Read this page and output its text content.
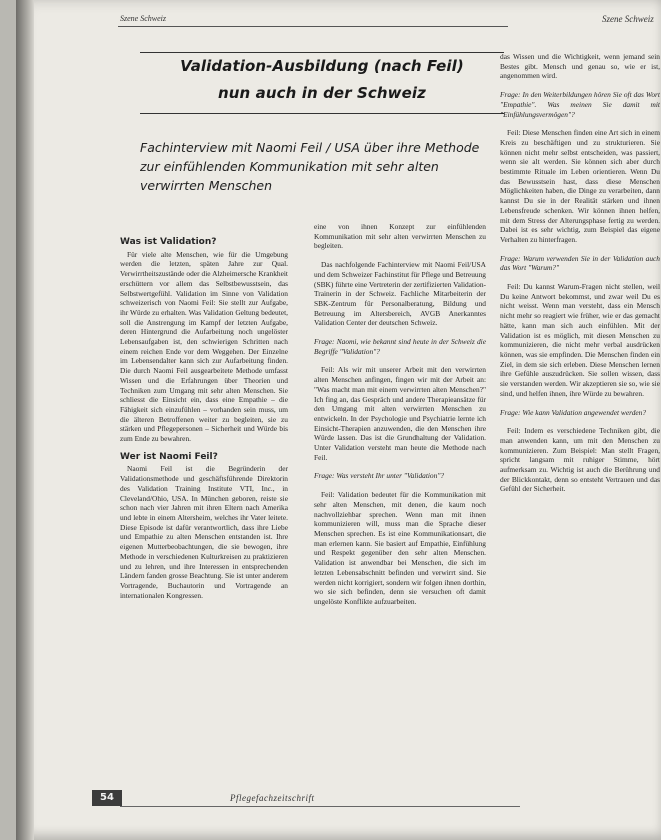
Szene Schweiz	Szene Schweiz
Validation-Ausbildung (nach Feil)
nun auch in der Schweiz
Fachinterview mit Naomi Feil / USA über ihre Methode zur einfühlenden Kommunikation mit sehr alten verwirrten Menschen
Was ist Validation?

Für viele alte Menschen, wie für die Umgebung werden die letzten, späten Jahre zur Qual. Verwirrtheitszustände oder die Alzheimersche Krankheit erschüttern vor allem das Selbstbewusstsein, das Selbstwertgefühl. Validation im Sinne von Validation schweizerisch von Naomi Feil: Sie stellt zur Aufgabe, ihr Würde zu erhalten. Was Validation Geltung bedeutet, soll die Anstrengung im Kampf der letzten Aufgabe, deren Hintergrund die Aufarbeitung noch ungelöster Lebensaufgaben ist, den schwierigen Schritten nach einem reichen Ende vor dem Weggehen. Der Einzelne im Lebensendalter kann sich zur Aufarbeitung finden. Die durch Naomi Feil ausgearbeitete Methode umfasst Wissen und die Erfahrungen über Theorien und Techniken zum Umgang mit sehr alten Menschen. Sie schliesst die Einsicht ein, dass eine Empathie – die Fähigkeit sich einzufühlen – vorhanden sein muss, um die älteren Betroffenen weiter zu begleiten, sie zu stärken und Pflegepersonen – Sicherheit und Würde bis zum Ende zu bewahren.

Wer ist Naomi Feil?

Naomi Feil ist die Begründerin der Validationsmethode und geschäftsführende Direktorin des Validation Training Institute VTI, Inc., in Cleveland/Ohio, USA. In München geboren, reiste sie schon nach vier Jahren mit ihren Eltern nach Amerika und lebte in einem Altersheim, welches ihr Vater leitete. Diese Episode ist dafür verantwortlich, dass ihre Liebe und Empathie zu alten Menschen entstanden ist. Ihre eigenen Mutterbeobachtungen, die sie bewogen, ihre Methode in verschiedenen Kulturkreisen zu praktizieren und zu lehren, und ihre Interessen in entsprechenden Ländern fanden grosse Beachtung. Sie ist unter anderem Vortragende, Buchautorin und Vortragende an internationalen Kongressen.

eine von ihnen Konzept zur einfühlenden Kommunikation mit sehr alten verwirrten Menschen zu begleiten.

Das nachfolgende Fachinterview mit Naomi Feil/USA und dem Schweizer Fachinstitut für Pflege und Betreuung (SBK) führte eine Vertreterin der zertifizierten Validation-Trainerin in der Schweiz. Fachliche Mitarbeiterin der SBK-Zentrum für Personalberatung, Bildung und Betreuung im Altersbereich, AVGB Anerkanntes Validation Center der deutschen Schweiz.

Frage: Naomi, wie bekannt sind heute in der Schweiz die Begriffe "Validation"?

Feil: Als wir mit unserer Arbeit mit den verwirrten alten Menschen anfingen, fingen wir mit der Arbeit an: "Was macht man mit einem verwirrten alten Menschen?" Ich fing an, das Gespräch und andere Therapieansätze für den Umgang mit alten verwirrten Menschen zu entwickeln. In der Psychologie und Psychiatrie lernte ich Einsicht-Therapien anzuwenden, die den Menschen ihre Würde lassen. Das ist die Grundhaltung der Validation. Unter Validation versteht man heute die Methode nach Feil.

Frage: Was versteht Ihr unter "Validation"?

Feil: Validation bedeutet für die Kommunikation mit sehr alten Menschen, mit denen, die kaum noch nachvollziehbar sprechen. Wenn man mit ihnen kommunizieren will, muss man die Sprache dieser Menschen sprechen. Es ist eine Kommunikationsart, die man erlernen kann. Sie basiert auf Empathie, Einfühlung und Respekt gegenüber den sehr alten Menschen. Validation ist anwendbar bei Menschen, die sich im letzten Lebensabschnitt befinden und verwirrt sind. Sie werden nicht korrigiert, sondern wir folgen ihnen dorthin, wo sie sich befinden, denn sie versuchen oft damit ungelöste Konflikte aufzuarbeiten.

das Wissen und die Wichtigkeit, wenn jemand sein Bestes gibt. Mensch und genau so, wie er ist, angenommen wird.

Frage: In den Weiterbildungen hören Sie oft das Wort "Empathie". Was meinen Sie damit mit "Einfühlungsvermögen"?

Feil: Diese Menschen finden eine Art sich in einem Kreis zu beschäftigen und zu strukturieren. Sie können nicht mehr selbst entscheiden, was passiert, wenn sie alt werden. Sie können sich aber durch bestimmte Rituale im Leben orientieren. Wenn Du das Bewusstsein hast, dass diese Menschen Möglichkeiten haben, die Dinge zu verarbeiten, dann kannst Du sie in der Realität stärken und ihnen Lebensfreude schenken. Wir können ihnen helfen, mit dem Stress der Alterungsphase fertig zu werden. Dabei ist es sehr wichtig, zum Beispiel das eigene Verhalten zu hinterfragen.

Frage: Warum verwenden Sie in der Validation auch das Wort "Warum?"

Feil: Du kannst Warum-Fragen nicht stellen, weil Du keine Antwort bekommst, und zwar weil Du es nicht weisst. Wenn man versteht, dass ein Mensch nicht mehr so reagiert wie früher, wie er das gemacht hätte, kann man sich auch einfühlen. Mit der Validation ist es möglich, mit diesen Menschen zu kommunizieren, die nicht mehr verbal ausdrücken können, was sie empfinden. Die Menschen finden ein Ziel, in dem sie sich erleben. Diese Menschen lernen ihre Gefühle auszudrücken. Sie sollen wissen, dass sie verstanden werden. Wir akzeptieren sie so, wie sie sind, und helfen ihnen, ihre Würde zu bewahren.

Frage: Wie kann Validation angewendet werden?

Feil: Indem es verschiedene Techniken gibt, die man anwenden kann, um mit den Menschen zu kommunizieren. Zum Beispiel: Man stellt Fragen, spricht langsam mit ruhiger Stimme, hört aufmerksam zu. Wichtig ist auch die Berührung und der Blickkontakt, denn so entsteht Vertrauen und das Gefühl der Sicherheit.

54	Pflegefachzeitschrift
